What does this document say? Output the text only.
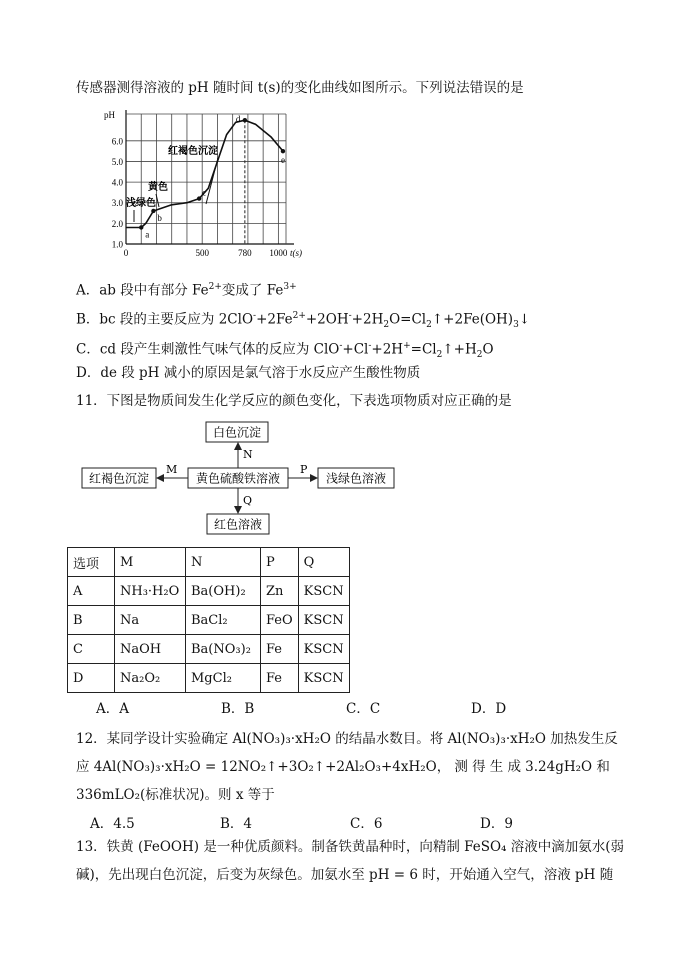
传感器测得溶液的 pH 随时间 t(s)的变化曲线如图所示。下列说法错误的是
1.0
2.0
3.0
4.0
5.0
6.0
0	500	780 1000 t(s)
pH
a
b
c
d
e
红褐色沉淀
黄色
浅绿色
A．ab 段中有部分 $Fe^{2+}$变成了 $Fe^{3+}$
B．bc 段的主要反应为 $2ClO^-+2Fe^{2+}+2OH^-+2H_2O=Cl_2↑+2Fe(OH)_3↓$
C．cd 段产生刺激性气味气体的反应为 $ClO^-+Cl^-+2H^+=Cl_2↑+H_2O$
D．de 段 pH 减小的原因是氯气溶于水反应产生酸性物质
11．下图是物质间发生化学反应的颜色变化，下表选项物质对应正确的是
白色沉淀
黄色硫酸铁溶液
红褐色沉淀	浅绿色溶液
红色溶液
N
M	P
Q
选项	M	N	P	Q
A	NH₃·H₂O	Ba(OH)₂	Zn	KSCN
B	Na	BaCl₂	FeO	KSCN
C	NaOH	Ba(NO₃)₂	Fe	KSCN
D	Na₂O₂	MgCl₂	Fe	KSCN
A．A	B．B	C．C	D．D
12．某同学设计实验确定 Al(NO₃)₃·xH₂O 的结晶水数目。将 Al(NO₃)₃·xH₂O 加热发生反
应 4Al(NO₃)₃·xH₂O = 12NO₂↑+3O₂↑+2Al₂O₃+4xH₂O， 测 得 生 成 3.24gH₂O 和
336mLO₂(标准状况)。则 x 等于
A．4.5	B．4	C．6	D．9
13．铁黄 (FeOOH) 是一种优质颜料。制备铁黄晶种时，向精制 FeSO₄ 溶液中滴加氨水(弱
碱)，先出现白色沉淀，后变为灰绿色。加氨水至 pH = 6 时，开始通入空气，溶液 pH 随
